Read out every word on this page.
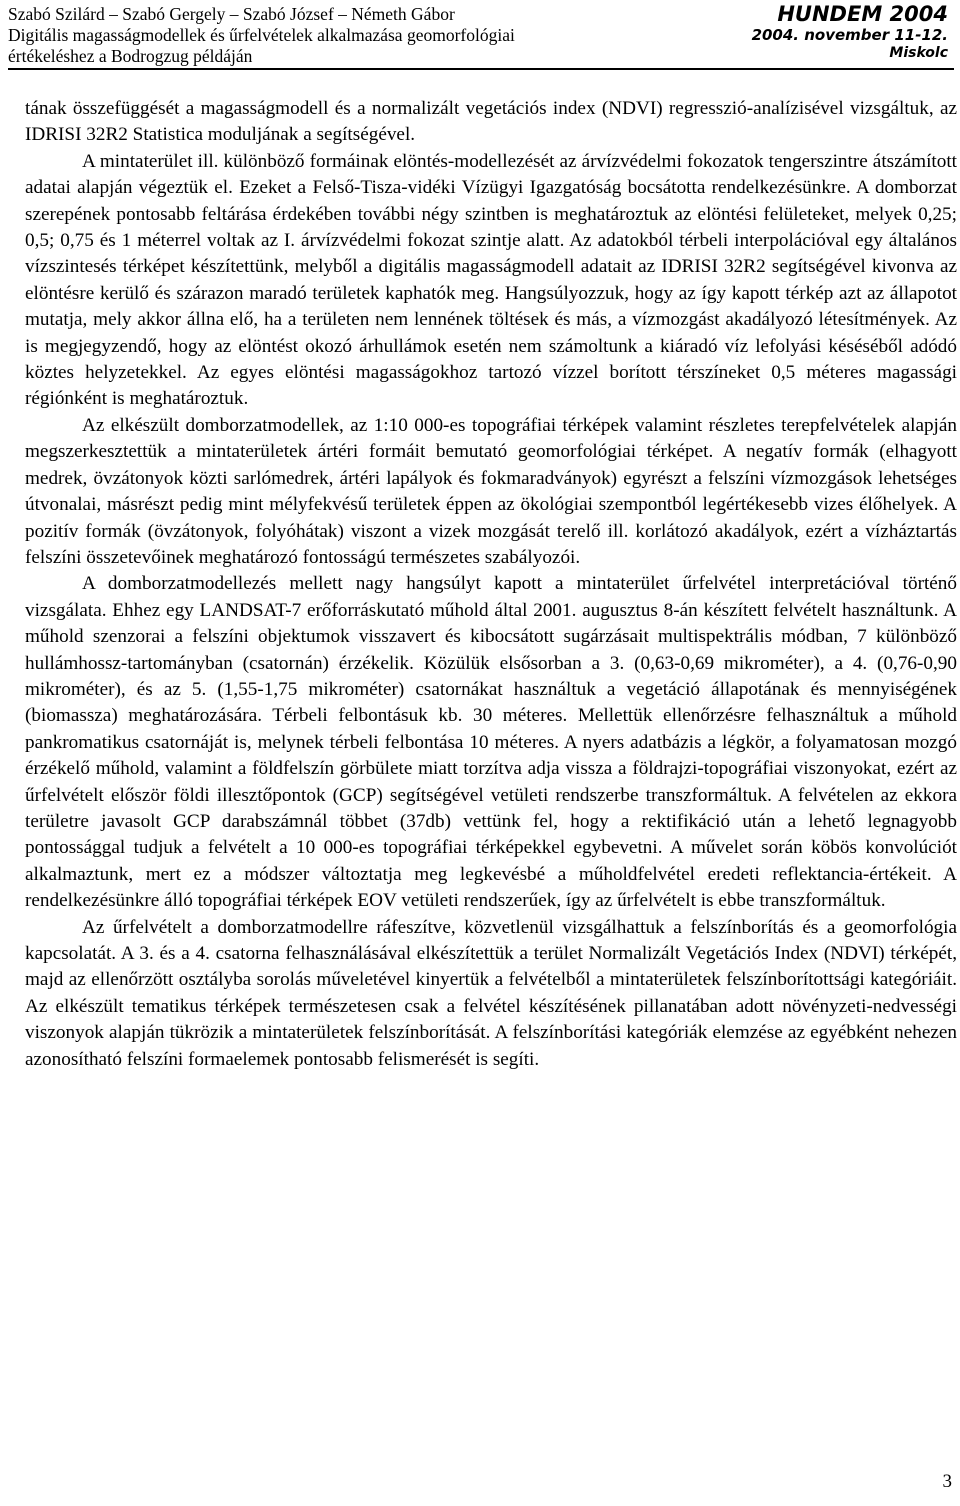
Szabó Szilárd – Szabó Gergely – Szabó József – Németh Gábor
Digitális magasságmodellek és űrfelvételek alkalmazása geomorfológiai
értékeléshez a Bodrogzug példáján
HUNDEM 2004
2004. november 11-12.
Miskolc

tának összefüggését a magasságmodell és a normalizált vegetációs index (NDVI) regresszió-analízisével vizsgáltuk, az IDRISI 32R2 Statistica moduljának a segítségével.

A mintaterület ill. különböző formáinak elöntés-modellezését az árvízvédelmi fokozatok tengerszintre átszámított adatai alapján végeztük el. Ezeket a Felső-Tisza-vidéki Vízügyi Igazgatóság bocsátotta rendelkezésünkre. A domborzat szerepének pontosabb feltárása érdekében további négy szintben is meghatároztuk az elöntési felületeket, melyek 0,25; 0,5; 0,75 és 1 méterrel voltak az I. árvízvédelmi fokozat szintje alatt. Az adatokból térbeli interpolációval egy általános vízszintesés térképet készítettünk, melyből a digitális magasságmodell adatait az IDRISI 32R2 segítségével kivonva az elöntésre kerülő és szárazon maradó területek kaphatók meg. Hangsúlyozzuk, hogy az így kapott térkép azt az állapotot mutatja, mely akkor állna elő, ha a területen nem lennének töltések és más, a vízmozgást akadályozó létesítmények. Az is megjegyzendő, hogy az elöntést okozó árhullámok esetén nem számoltunk a kiáradó víz lefolyási késéséből adódó köztes helyzetekkel. Az egyes elöntési magasságokhoz tartozó vízzel borított térszíneket 0,5 méteres magassági régiónként is meghatároztuk.

Az elkészült domborzatmodellek, az 1:10 000-es topográfiai térképek valamint részletes terepfelvételek alapján megszerkesztettük a mintaterületek ártéri formáit bemutató geomorfológiai térképet. A negatív formák (elhagyott medrek, övzátonyok közti sarlómedrek, ártéri lapályok és fokmaradványok) egyrészt a felszíni vízmozgások lehetséges útvonalai, másrészt pedig mint mélyfekvésű területek éppen az ökológiai szempontból legértékesebb vizes élőhelyek. A pozitív formák (övzátonyok, folyóhátak) viszont a vizek mozgását terelő ill. korlátozó akadályok, ezért a vízháztartás felszíni összetevőinek meghatározó fontosságú természetes szabályozói.

A domborzatmodellezés mellett nagy hangsúlyt kapott a mintaterület űrfelvétel interpretációval történő vizsgálata. Ehhez egy LANDSAT-7 erőforráskutató műhold által 2001. augusztus 8-án készített felvételt használtunk. A műhold szenzorai a felszíni objektumok visszavert és kibocsátott sugárzásait multispektrális módban, 7 különböző hullámhossz-tartományban (csatornán) érzékelik. Közülük elsősorban a 3. (0,63-0,69 mikrométer), a 4. (0,76-0,90 mikrométer), és az 5. (1,55-1,75 mikrométer) csatornákat használtuk a vegetáció állapotának és mennyiségének (biomassza) meghatározására. Térbeli felbontásuk kb. 30 méteres. Mellettük ellenőrzésre felhasználtuk a műhold pankromatikus csatornáját is, melynek térbeli felbontása 10 méteres. A nyers adatbázis a légkör, a folyamatosan mozgó érzékelő műhold, valamint a földfelszín görbülete miatt torzítva adja vissza a földrajzi-topográfiai viszonyokat, ezért az űrfelvételt először földi illesztőpontok (GCP) segítségével vetületi rendszerbe transzformáltuk. A felvételen az ekkora területre javasolt GCP darabszámnál többet (37db) vettünk fel, hogy a rektifikáció után a lehető legnagyobb pontossággal tudjuk a felvételt a 10 000-es topográfiai térképekkel egybevetni. A művelet során köbös konvolúciót alkalmaztunk, mert ez a módszer változtatja meg legkevésbé a műholdfelvétel eredeti reflektancia-értékeit. A rendelkezésünkre álló topográfiai térképek EOV vetületi rendszerűek, így az űrfelvételt is ebbe transzformáltuk.

Az űrfelvételt a domborzatmodellre ráfeszítve, közvetlenül vizsgálhattuk a felszínborítás és a geomorfológia kapcsolatát. A 3. és a 4. csatorna felhasználásával elkészítettük a terület Normalizált Vegetációs Index (NDVI) térképét, majd az ellenőrzött osztályba sorolás műveletével kinyertük a felvételből a mintaterületek felszínborítottsági kategóriáit. Az elkészült tematikus térképek természetesen csak a felvétel készítésének pillanatában adott növényzeti-nedvességi viszonyok alapján tükrözik a mintaterületek felszínborítását. A felszínborítási kategóriák elemzése az egyébként nehezen azonosítható felszíni formaelemek pontosabb felismerését is segíti.

3
